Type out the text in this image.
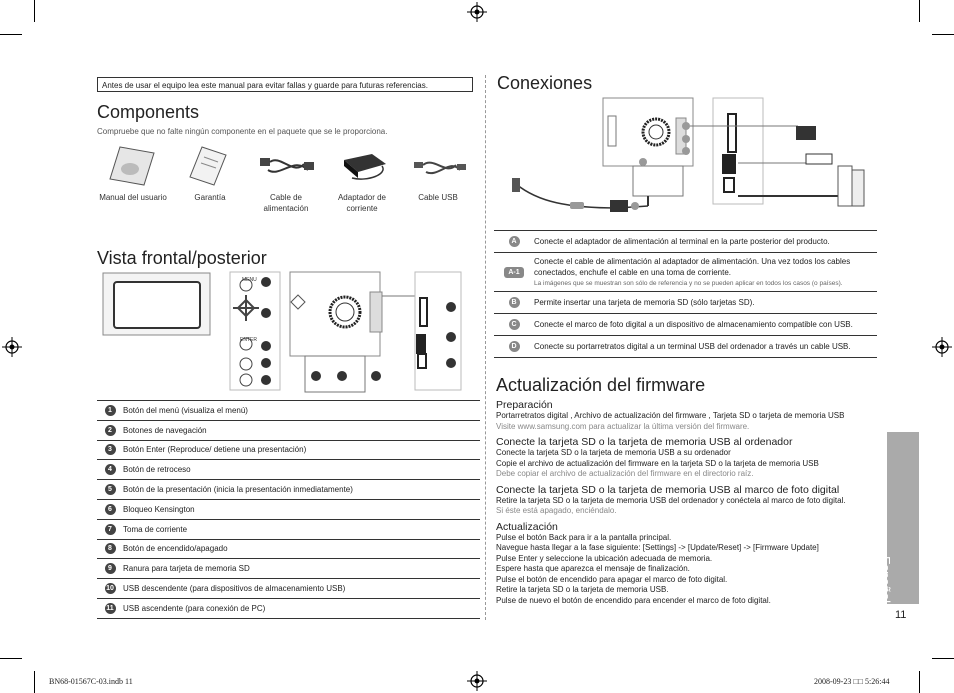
Antes de usar el equipo lea este manual para evitar fallas y guarde para futuras referencias.
Components
Compruebe que no falte ningún componente en el paquete que se le proporciona.
Manual del usuario	Garantía	Cable de alimentación
Adaptador de corriente
Cable USB
Vista frontal/posterior
MENU
ENTER
1	Botón del menú (visualiza el menú)
2	Botones de navegación
3	Botón Enter (Reproduce/ detiene una presentación)
4	Botón de retroceso
5	Botón de la presentación (inicia la presentación inmediatamente)
6	Bloqueo Kensington
7	Toma de corriente
8	Botón de encendido/apagado
9	Ranura para tarjeta de memoria SD
10	USB descendente (para dispositivos de almacenamiento USB)
11	USB ascendente (para conexión de PC)
Conexiones
A	Conecte el adaptador de alimentación al terminal en la parte posterior del producto.

A-1	Conecte el cable de alimentación al adaptador de alimentación. Una vez todos los cables conectados, enchufe el cable en una toma de corriente.
La imágenes que se muestran son sólo de referencia y no se pueden aplicar en todos los casos (o países).

B	Permite insertar una tarjeta de memoria SD (sólo tarjetas SD).

C	Conecte el marco de foto digital a un dispositivo de almacenamiento compatible con USB.

D	Conecte su portarretratos digital a un terminal USB del ordenador a través un cable USB.
Actualización del firmware
Preparación
Portarretratos digital , Archivo de actualización del firmware , Tarjeta SD o tarjeta de memoria USB
Visite www.samsung.com para actualizar la última versión del firmware.
Conecte la tarjeta SD o la tarjeta de memoria USB al ordenador
Conecte la tarjeta SD o la tarjeta de memoria USB a su ordenador
Copie el archivo de actualización del firmware en la tarjeta SD o la tarjeta de memoria USB
Debe copiar el archivo de actualización del firmware en el directorio raíz.
Conecte la tarjeta SD o la tarjeta de memoria USB al marco de foto digital
Retire la tarjeta SD o la tarjeta de memoria USB del ordenador y conéctela al marco de foto digital.
Si éste está apagado, enciéndalo.
Actualización
Pulse el botón Back para ir a la pantalla principal.
Navegue hasta llegar a la fase siguiente: [Settings] -> [Update/Reset] -> [Firmware Update]
Pulse Enter y seleccione la ubicación adecuada de memoria.
Espere hasta que aparezca el mensaje de finalización.
Pulse el botón de encendido para apagar el marco de foto digital.
Retire la tarjeta SD o la tarjeta de memoria USB.
Pulse de nuevo el botón de encendido para encender el marco de foto digital.	Español
11
BN68-01567C-03.indb 11	2008-09-23 □□ 5:26:44
